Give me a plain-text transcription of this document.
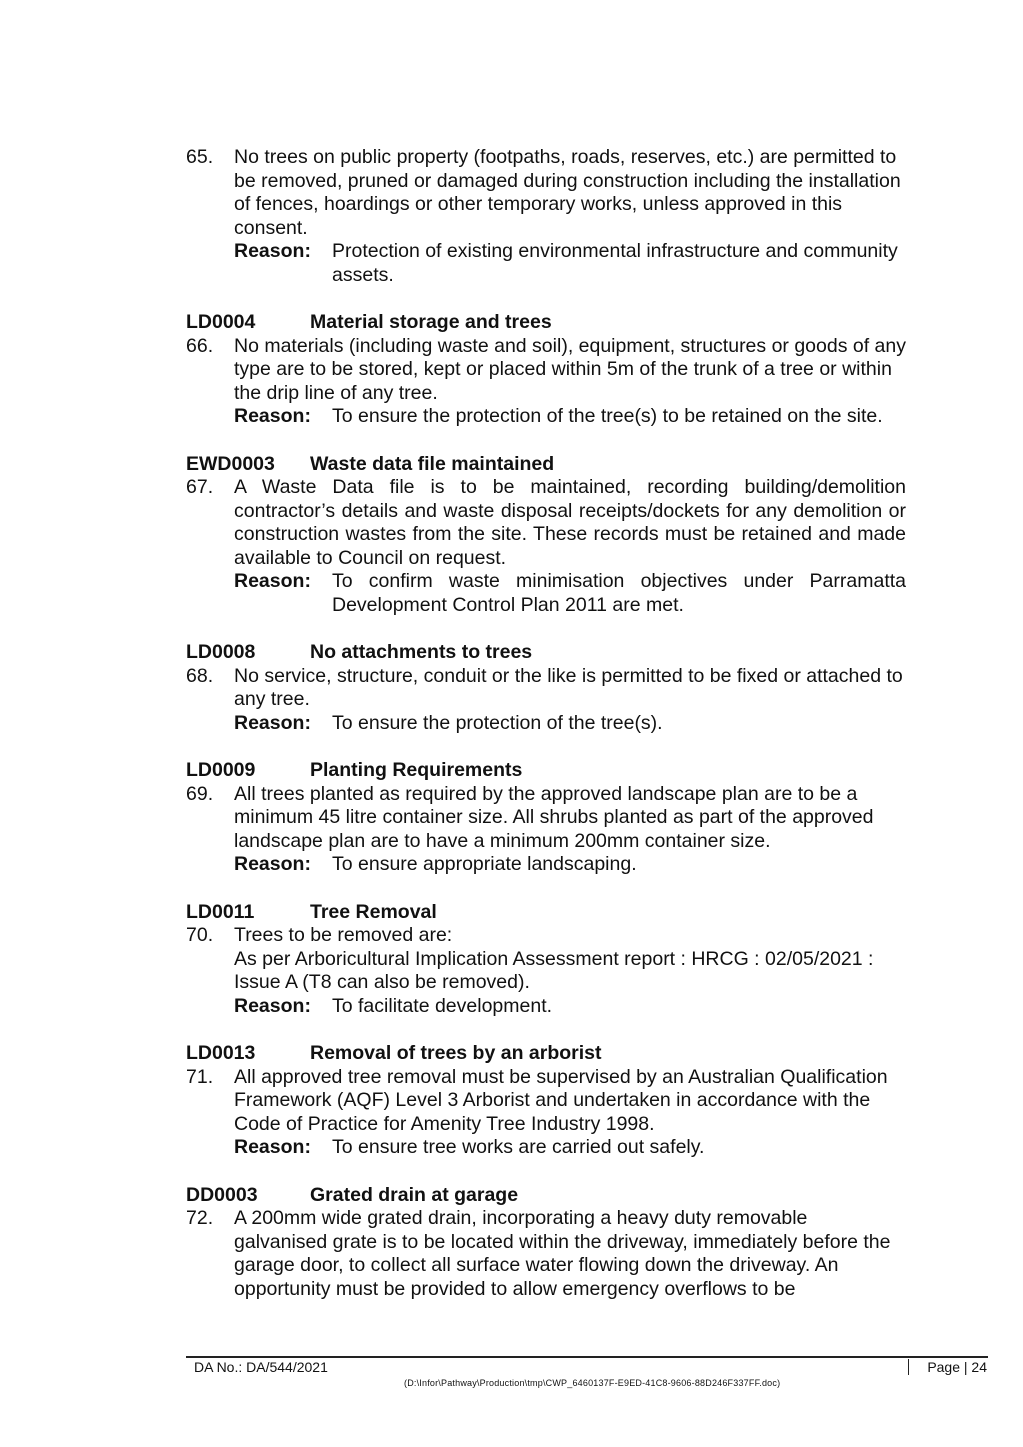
65.	No trees on public property (footpaths, roads, reserves, etc.) are permitted to be removed, pruned or damaged during construction including the installation of fences, hoardings or other temporary works, unless approved in this consent.

Reason:	Protection of existing environmental infrastructure and community assets.
LD0004	Material storage and trees
66.	No materials (including waste and soil), equipment, structures or goods of any type are to be stored, kept or placed within 5m of the trunk of a tree or within the drip line of any tree.

Reason:	To ensure the protection of the tree(s) to be retained on the site.
EWD0003	Waste data file maintained
67.	A Waste Data file is to be maintained, recording building/demolition contractor’s details and waste disposal receipts/dockets for any demolition or construction wastes from the site. These records must be retained and made available to Council on request.

Reason:	To confirm waste minimisation objectives under Parramatta Development Control Plan 2011 are met.
LD0008	No attachments to trees
68.	No service, structure, conduit or the like is permitted to be fixed or attached to any tree.

Reason:	To ensure the protection of the tree(s).
LD0009	Planting Requirements
69.	All trees planted as required by the approved landscape plan are to be a minimum 45 litre container size. All shrubs planted as part of the approved landscape plan are to have a minimum 200mm container size.

Reason:	To ensure appropriate landscaping.
LD0011	Tree Removal
70.	Trees to be removed are:

As per Arboricultural Implication Assessment report : HRCG : 02/05/2021 : Issue A (T8 can also be removed).

Reason:	To facilitate development.
LD0013	Removal of trees by an arborist
71.	All approved tree removal must be supervised by an Australian Qualification Framework (AQF) Level 3 Arborist and undertaken in accordance with the Code of Practice for Amenity Tree Industry 1998.

Reason:	To ensure tree works are carried out safely.
DD0003	Grated drain at garage
72.	A 200mm wide grated drain, incorporating a heavy duty removable galvanised grate is to be located within the driveway, immediately before the garage door, to collect all surface water flowing down the driveway. An opportunity must be provided to allow emergency overflows to be

DA No.: DA/544/2021	Page | 24
(D:\Infor\Pathway\Production\tmp\CWP_6460137F-E9ED-41C8-9606-88D246F337FF.doc)
